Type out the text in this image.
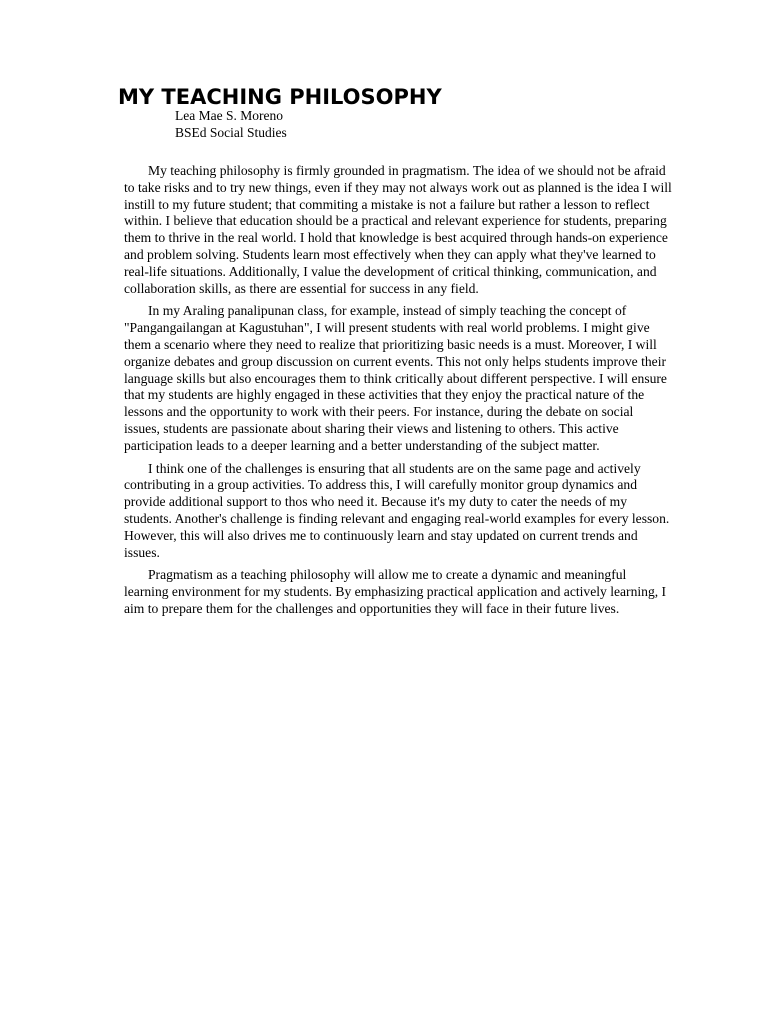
MY TEACHING PHILOSOPHY
Lea Mae S. Moreno
BSEd Social Studies

My teaching philosophy is firmly grounded in pragmatism. The idea of we should not be afraid to take risks and to try new things, even if they may not always work out as planned is the idea I will instill to my future student; that commiting a mistake is not a failure but rather a lesson to reflect within. I believe that education should be a practical and relevant experience for students, preparing them to thrive in the real world. I hold that knowledge is best acquired through hands-on experience and problem solving. Students learn most effectively when they can apply what they've learned to real-life situations. Additionally, I value the development of critical thinking, communication, and collaboration skills, as there are essential for success in any field.

In my Araling panalipunan class, for example, instead of simply teaching the concept of "Pangangailangan at Kagustuhan", I will present students with real world problems. I might give them a scenario where they need to realize that prioritizing basic needs is a must. Moreover, I will organize debates and group discussion on current events. This not only helps students improve their language skills but also encourages them to think critically about different perspective. I will ensure that my students are highly engaged in these activities that they enjoy the practical nature of the lessons and the opportunity to work with their peers. For instance, during the debate on social issues, students are passionate about sharing their views and listening to others. This active participation leads to a deeper learning and a better understanding of the subject matter.

I think one of the challenges is ensuring that all students are on the same page and actively contributing in a group activities. To address this, I will carefully monitor group dynamics and provide additional support to thos who need it. Because it's my duty to cater the needs of my students. Another's challenge is finding relevant and engaging real-world examples for every lesson. However, this will also drives me to continuously learn and stay updated on current trends and issues.

Pragmatism as a teaching philosophy will allow me to create a dynamic and meaningful learning environment for my students. By emphasizing practical application and actively learning, I aim to prepare them for the challenges and opportunities they will face in their future lives.
